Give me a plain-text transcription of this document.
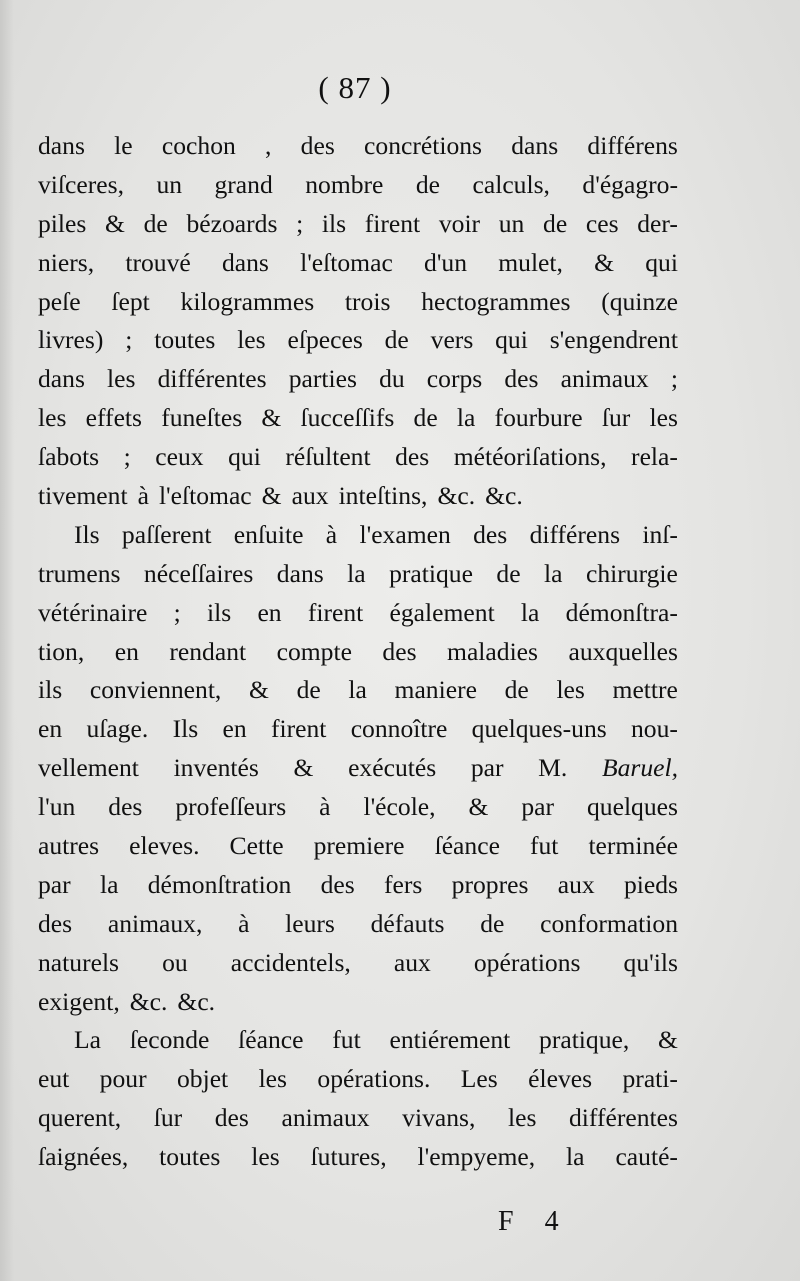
( 87 )
dans le cochon , des concrétions dans différens
viſceres, un grand nombre de calculs, d'égagro-
piles & de bézoards ; ils firent voir un de ces der-
niers, trouvé dans l'eſtomac d'un mulet, & qui
peſe ſept kilogrammes trois hectogrammes (quinze
livres) ; toutes les eſpeces de vers qui s'engendrent
dans les différentes parties du corps des animaux ;
les effets funeſtes & ſucceſſifs de la fourbure ſur les
ſabots ; ceux qui réſultent des météoriſations, rela-
tivement à l'eſtomac & aux inteſtins, &c. &c.
Ils paſſerent enſuite à l'examen des différens inſ-
trumens néceſſaires dans la pratique de la chirurgie
vétérinaire ; ils en firent également la démonſtra-
tion, en rendant compte des maladies auxquelles
ils conviennent, & de la maniere de les mettre
en uſage. Ils en firent connoître quelques-uns nou-
vellement inventés & exécutés par M. Baruel,
l'un des profeſſeurs à l'école, & par quelques
autres eleves. Cette premiere ſéance fut terminée
par la démonſtration des fers propres aux pieds
des animaux, à leurs défauts de conformation
naturels ou accidentels, aux opérations qu'ils
exigent, &c. &c.
La ſeconde ſéance fut entiérement pratique, &
eut pour objet les opérations. Les éleves prati-
querent, ſur des animaux vivans, les différentes
ſaignées, toutes les ſutures, l'empyeme, la cauté-
F 4
